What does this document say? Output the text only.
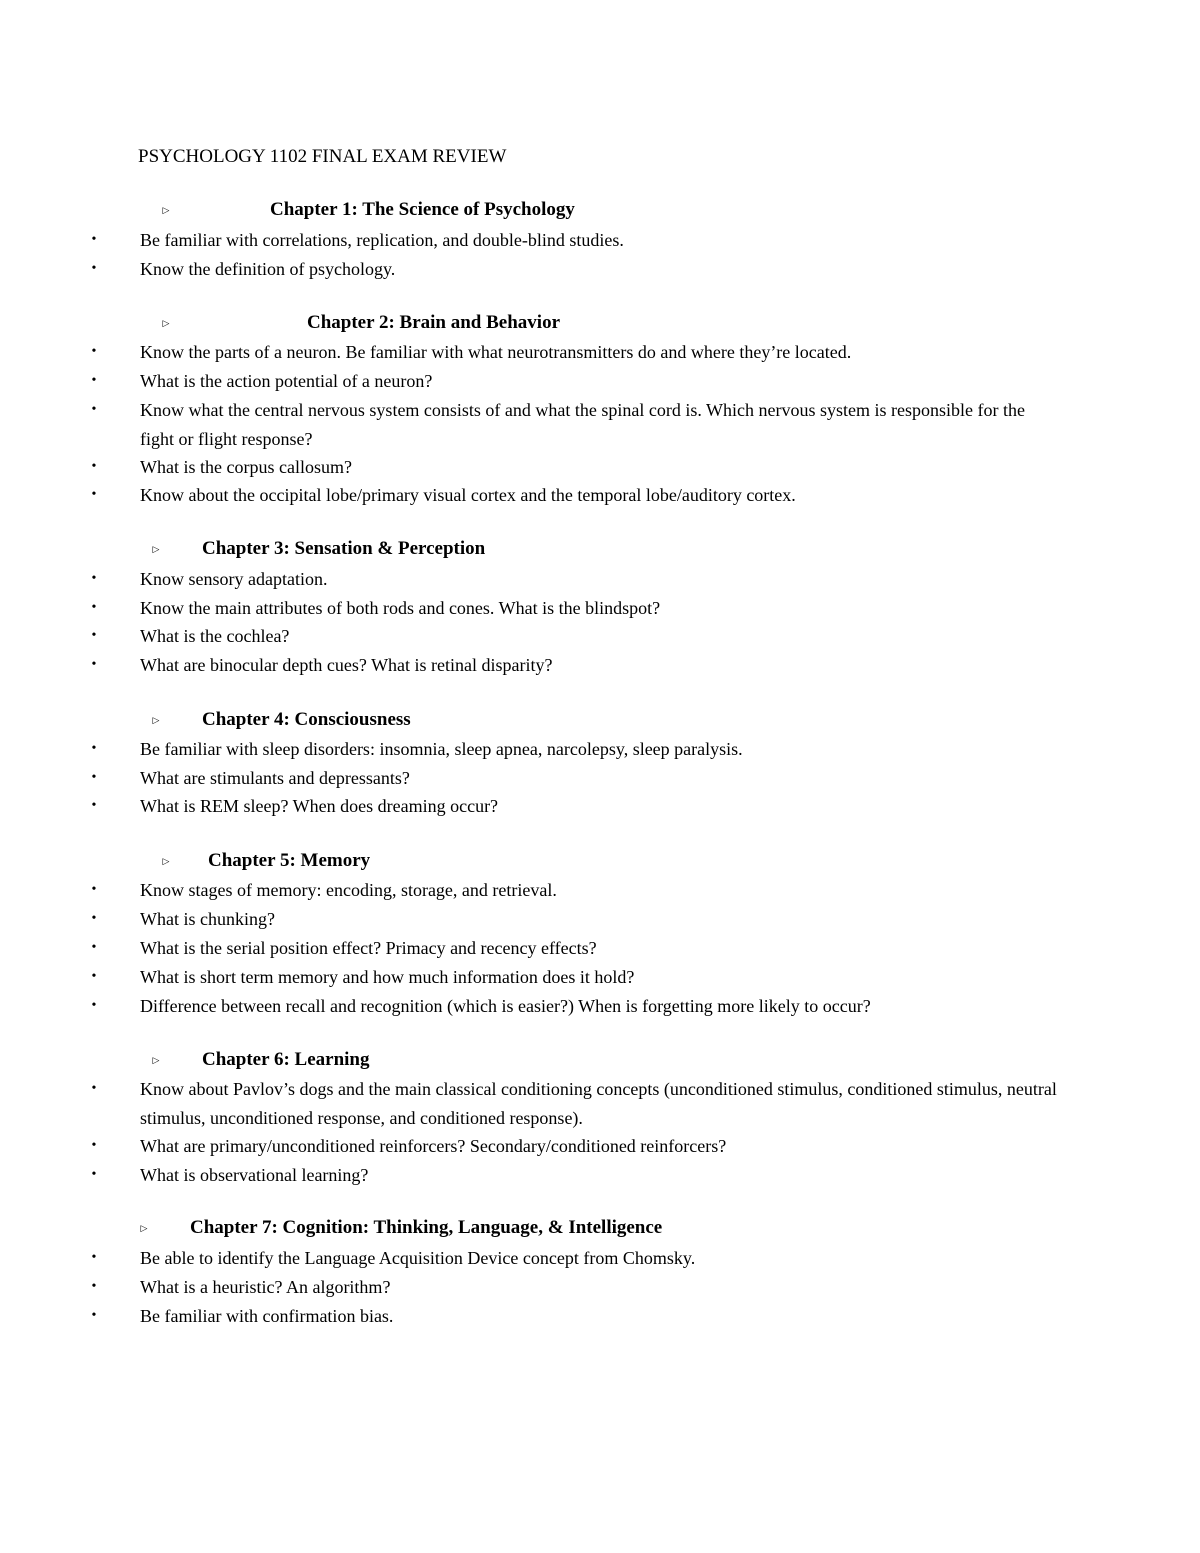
PSYCHOLOGY 1102 FINAL EXAM REVIEW
▷	Chapter 1: The Science of Psychology
• Be familiar with correlations, replication, and double-blind studies.
• Know the definition of psychology.
▷	Chapter 2: Brain and Behavior
• Know the parts of a neuron. Be familiar with what neurotransmitters do and where they’re located.
• What is the action potential of a neuron?
• Know what the central nervous system consists of and what the spinal cord is. Which nervous system is responsible for the fight or flight response?
• What is the corpus callosum?
• Know about the occipital lobe/primary visual cortex and the temporal lobe/auditory cortex.
▷ Chapter 3: Sensation & Perception
• Know sensory adaptation.
• Know the main attributes of both rods and cones. What is the blindspot?
• What is the cochlea?
• What are binocular depth cues? What is retinal disparity?
▷ Chapter 4: Consciousness
• Be familiar with sleep disorders: insomnia, sleep apnea, narcolepsy, sleep paralysis.
• What are stimulants and depressants?
• What is REM sleep? When does dreaming occur?
▷ Chapter 5: Memory
• Know stages of memory: encoding, storage, and retrieval.
• What is chunking?
• What is the serial position effect? Primacy and recency effects?
• What is short term memory and how much information does it hold?
• Difference between recall and recognition (which is easier?) When is forgetting more likely to occur?
▷ Chapter 6: Learning
• Know about Pavlov’s dogs and the main classical conditioning concepts (unconditioned stimulus, conditioned stimulus, neutral stimulus, unconditioned response, and conditioned response).
• What are primary/unconditioned reinforcers? Secondary/conditioned reinforcers?
• What is observational learning?
▷ Chapter 7: Cognition: Thinking, Language, & Intelligence
• Be able to identify the Language Acquisition Device concept from Chomsky.
• What is a heuristic? An algorithm?
• Be familiar with confirmation bias.
